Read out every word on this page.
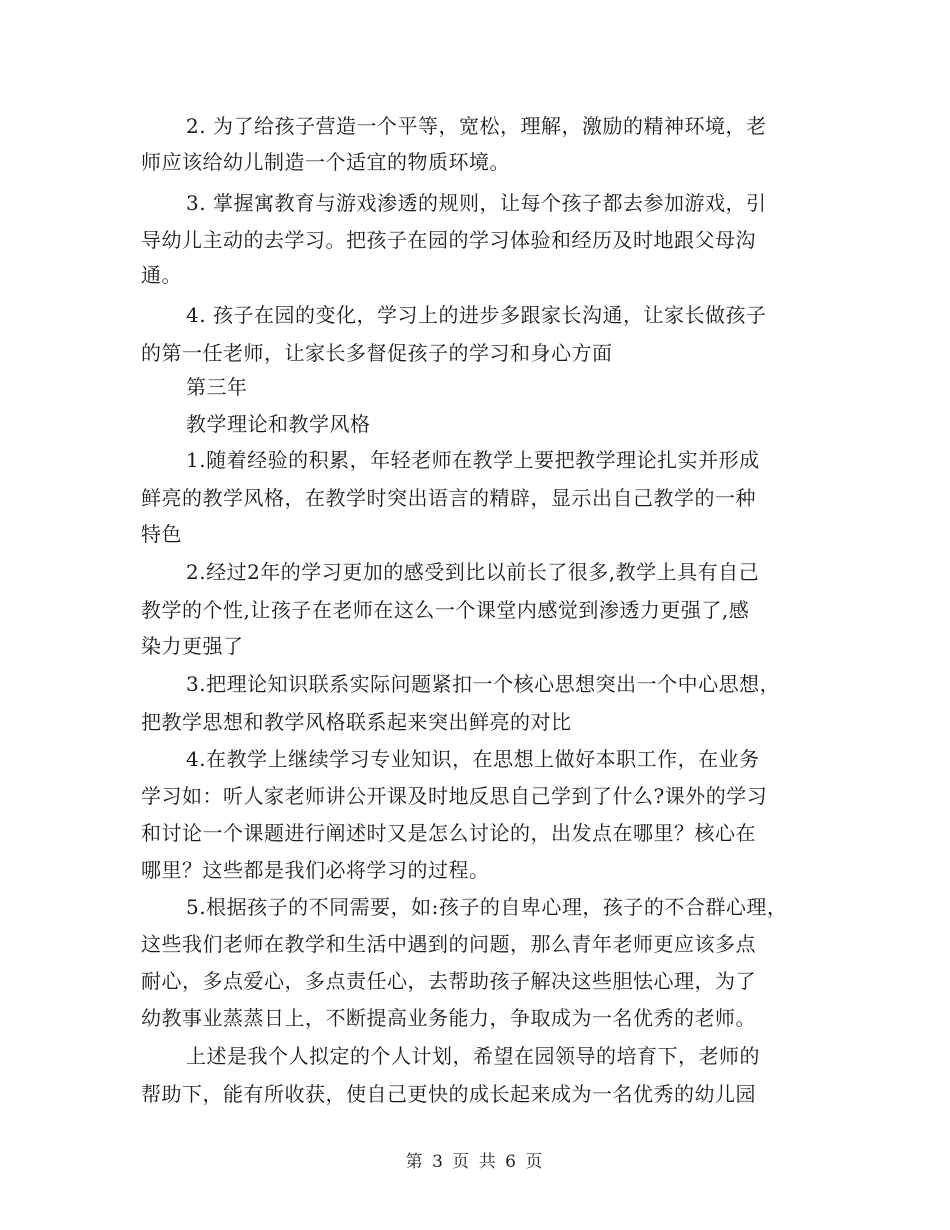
2. 为了给孩子营造一个平等，宽松，理解，激励的精神环境，老
师应该给幼儿制造一个适宜的物质环境。
3. 掌握寓教育与游戏渗透的规则，让每个孩子都去参加游戏，引
导幼儿主动的去学习。把孩子在园的学习体验和经历及时地跟父母沟
通。
4. 孩子在园的变化，学习上的进步多跟家长沟通，让家长做孩子
的第一任老师，让家长多督促孩子的学习和身心方面
第三年
教学理论和教学风格
1.随着经验的积累，年轻老师在教学上要把教学理论扎实并形成
鲜亮的教学风格，在教学时突出语言的精辟，显示出自己教学的一种
特色
2.经过2年的学习更加的感受到比以前长了很多,教学上具有自己
教学的个性,让孩子在老师在这么一个课堂内感觉到渗透力更强了,感
染力更强了
3.把理论知识联系实际问题紧扣一个核心思想突出一个中心思想，
把教学思想和教学风格联系起来突出鲜亮的对比
4.在教学上继续学习专业知识，在思想上做好本职工作，在业务
学习如：听人家老师讲公开课及时地反思自己学到了什么?课外的学习
和讨论一个课题进行阐述时又是怎么讨论的，出发点在哪里？核心在
哪里？这些都是我们必将学习的过程。
5.根据孩子的不同需要，如:孩子的自卑心理，孩子的不合群心理，
这些我们老师在教学和生活中遇到的问题，那么青年老师更应该多点
耐心，多点爱心，多点责任心，去帮助孩子解决这些胆怯心理，为了
幼教事业蒸蒸日上，不断提高业务能力，争取成为一名优秀的老师。
上述是我个人拟定的个人计划，希望在园领导的培育下，老师的
帮助下，能有所收获，使自己更快的成长起来成为一名优秀的幼儿园
第 3 页 共 6 页
